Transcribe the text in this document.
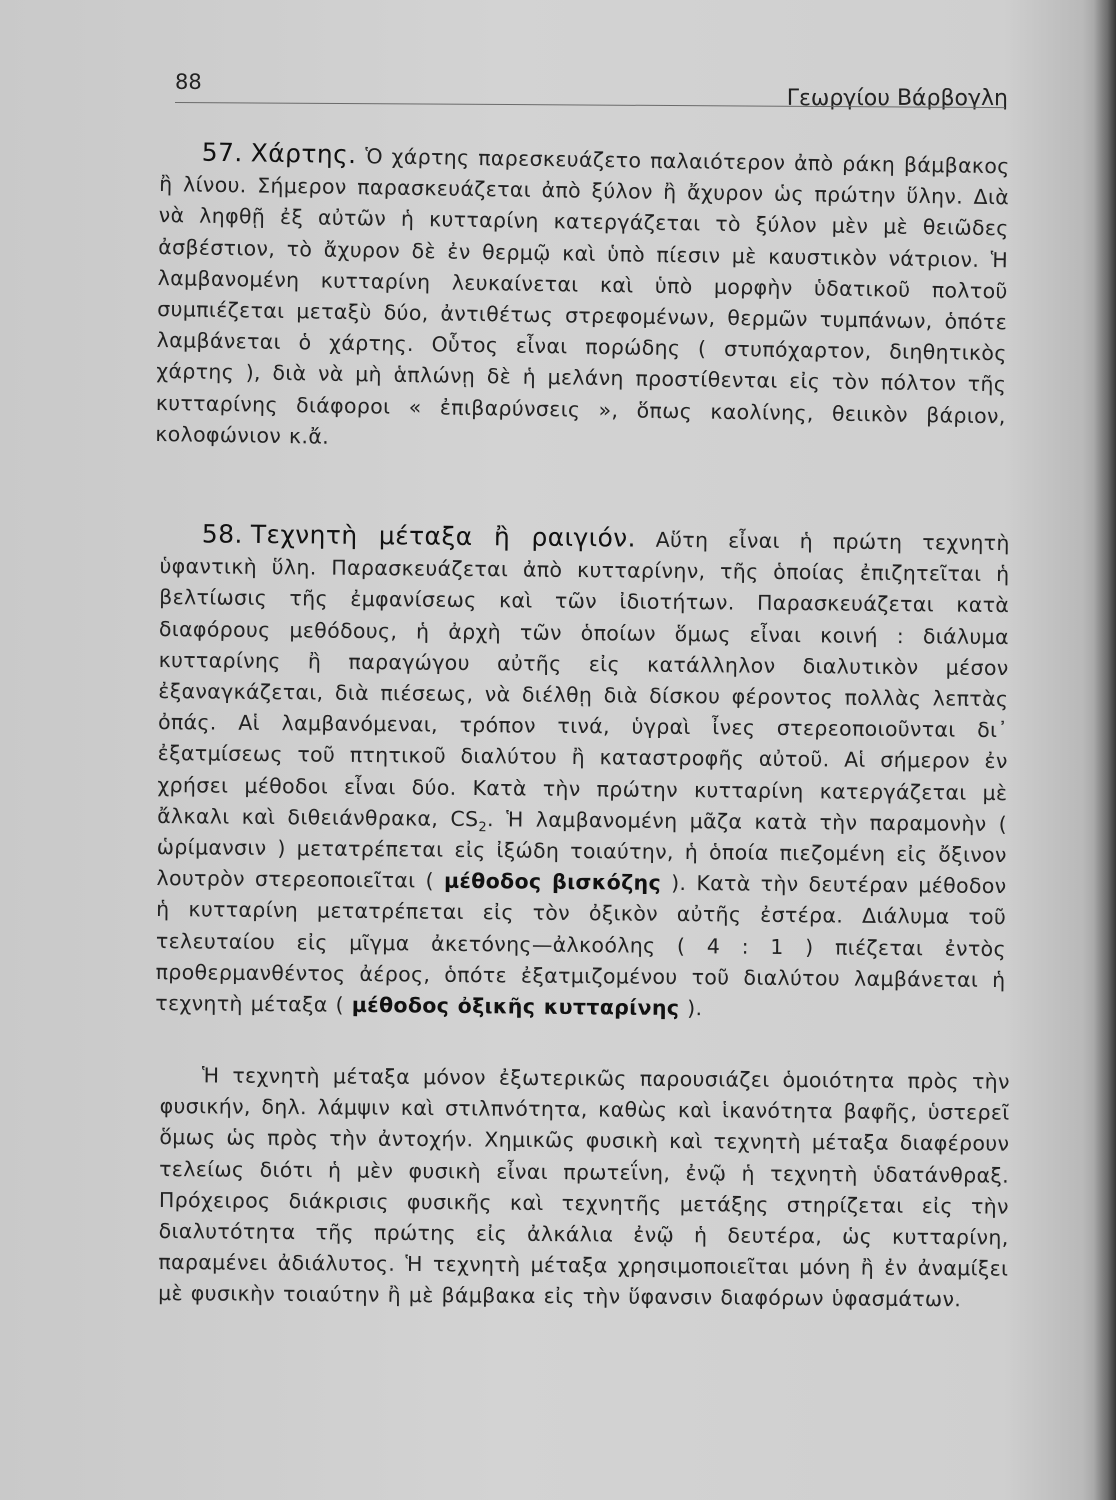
88
Γεωργίου Βάρβογλη

57. Χάρτης. Ὁ χάρτης παρεσκευάζετο παλαιότερον ἀπὸ ράκη βάμβακος ἢ λίνου. Σήμερον παρασκευάζεται ἀπὸ ξύλον ἢ ἄχυρον ὡς πρώτην ὕλην. Διὰ νὰ ληφθῇ ἐξ αὐτῶν ἡ κυτταρίνη κατεργάζεται τὸ ξύλον μὲν μὲ θειῶδες ἀσβέστιον, τὸ ἄχυρον δὲ ἐν θερμῷ καὶ ὑπὸ πίεσιν μὲ καυστικὸν νάτριον. Ἡ λαμβανομένη κυτταρίνη λευκαίνεται καὶ ὑπὸ μορφὴν ὑδατικοῦ πολτοῦ συμπιέζεται μεταξὺ δύο, ἀντιθέτως στρεφομένων, θερμῶν τυμπάνων, ὁπότε λαμβάνεται ὁ χάρτης. Οὗτος εἶναι πορώδης ( στυπόχαρτον, διηθητικὸς χάρτης ), διὰ νὰ μὴ ἁπλώνῃ δὲ ἡ μελάνη προστίθενται εἰς τὸν πόλτον τῆς κυτταρίνης διάφοροι « ἐπιβαρύνσεις », ὅπως καολίνης, θειικὸν βάριον, κολοφώνιον κ.ἄ.

58. Τεχνητὴ μέταξα ἢ ραιγιόν. Αὕτη εἶναι ἡ πρώτη τεχνητὴ ὑφαντικὴ ὕλη. Παρασκευάζεται ἀπὸ κυτταρίνην, τῆς ὁποίας ἐπιζητεῖται ἡ βελτίωσις τῆς ἐμφανίσεως καὶ τῶν ἰδιοτήτων. Παρασκευάζεται κατὰ διαφόρους μεθόδους, ἡ ἀρχὴ τῶν ὁποίων ὅμως εἶναι κοινή : διάλυμα κυτταρίνης ἢ παραγώγου αὐτῆς εἰς κατάλληλον διαλυτικὸν μέσον ἐξαναγκάζεται, διὰ πιέσεως, νὰ διέλθῃ διὰ δίσκου φέροντος πολλὰς λεπτὰς ὀπάς. Αἱ λαμβανόμεναι, τρόπον τινά, ὑγραὶ ἶνες στερεοποιοῦνται δι᾿ ἐξατμίσεως τοῦ πτητικοῦ διαλύτου ἢ καταστροφῆς αὐτοῦ. Αἱ σήμερον ἐν χρήσει μέθοδοι εἶναι δύο. Κατὰ τὴν πρώτην κυτταρίνη κατεργάζεται μὲ ἄλκαλι καὶ διθειάνθρακα, $CS_2$. Ἡ λαμβανομένη μᾶζα κατὰ τὴν παραμονὴν ( ὡρίμανσιν ) μετατρέπεται εἰς ἰξώδη τοιαύτην, ἡ ὁποία πιεζομένη εἰς ὄξινον λουτρὸν στερεοποιεῖται ( μέθοδος βισκόζης ). Κατὰ τὴν δευτέραν μέθοδον ἡ κυτταρίνη μετατρέπεται εἰς τὸν ὀξικὸν αὐτῆς ἐστέρα. Διάλυμα τοῦ τελευταίου εἰς μῖγμα ἀκετόνης—ἀλκοόλης ( 4 : 1 ) πιέζεται ἐντὸς προθερμανθέντος ἀέρος, ὁπότε ἐξατμιζομένου τοῦ διαλύτου λαμβάνεται ἡ τεχνητὴ μέταξα ( μέθοδος ὀξικῆς κυτταρίνης ).

Ἡ τεχνητὴ μέταξα μόνον ἐξωτερικῶς παρουσιάζει ὁμοιότητα πρὸς τὴν φυσικήν, δηλ. λάμψιν καὶ στιλπνότητα, καθὼς καὶ ἱκανότητα βαφῆς, ὑστερεῖ ὅμως ὡς πρὸς τὴν ἀντοχήν. Χημικῶς φυσικὴ καὶ τεχνητὴ μέταξα διαφέρουν τελείως διότι ἡ μὲν φυσικὴ εἶναι πρωτεΐνη, ἐνῷ ἡ τεχνητὴ ὑδατάνθραξ. Πρόχειρος διάκρισις φυσικῆς καὶ τεχνητῆς μετάξης στηρίζεται εἰς τὴν διαλυτότητα τῆς πρώτης εἰς ἀλκάλια ἐνῷ ἡ δευτέρα, ὡς κυτταρίνη, παραμένει ἀδιάλυτος. Ἡ τεχνητὴ μέταξα χρησιμοποιεῖται μόνη ἢ ἐν ἀναμίξει μὲ φυσικὴν τοιαύτην ἢ μὲ βάμβακα εἰς τὴν ὕφανσιν διαφόρων ὑφασμάτων.
